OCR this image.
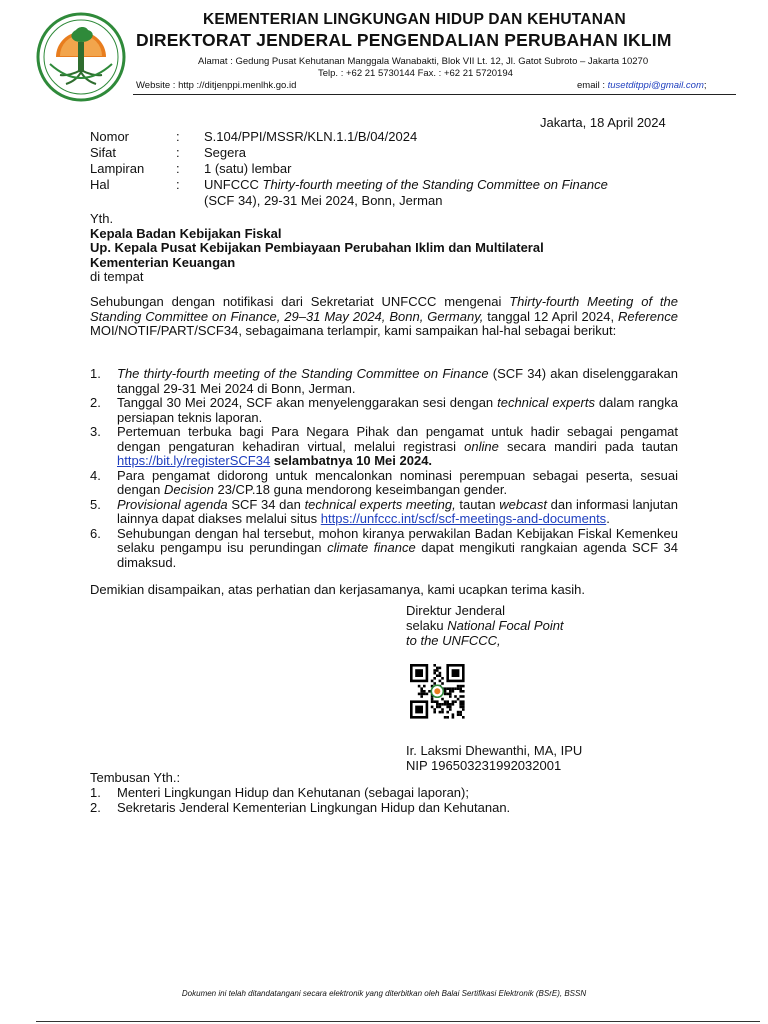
KEMENTERIAN LINGKUNGAN HIDUP DAN KEHUTANAN
DIREKTORAT JENDERAL PENGENDALIAN PERUBAHAN IKLIM
Alamat : Gedung Pusat Kehutanan Manggala Wanabakti, Blok VII Lt. 12, Jl. Gatot Subroto – Jakarta 10270
Telp. : +62 21 5730144 Fax. : +62 21 5720194
Website : http ://ditjenppi.menlhk.go.id	email : tusetditppi@gmail.com;
Jakarta, 18 April 2024
Nomor	:	S.104/PPI/MSSR/KLN.1.1/B/04/2024
Sifat	:	Segera
Lampiran	:	1 (satu) lembar
Hal	:	UNFCCC Thirty-fourth meeting of the Standing Committee on Finance
(SCF 34), 29-31 Mei 2024, Bonn, Jerman
Yth.
Kepala Badan Kebijakan Fiskal
Up. Kepala Pusat Kebijakan Pembiayaan Perubahan Iklim dan Multilateral
Kementerian Keuangan
di tempat
Sehubungan dengan notifikasi dari Sekretariat UNFCCC mengenai Thirty-fourth Meeting of the Standing Committee on Finance, 29–31 May 2024, Bonn, Germany, tanggal 12 April 2024, Reference MOI/NOTIF/PART/SCF34, sebagaimana terlampir, kami sampaikan hal-hal sebagai berikut:
1.	The thirty-fourth meeting of the Standing Committee on Finance (SCF 34) akan diselenggarakan tanggal 29-31 Mei 2024 di Bonn, Jerman.
2.	Tanggal 30 Mei 2024, SCF akan menyelenggarakan sesi dengan technical experts dalam rangka persiapan teknis laporan.
3.	Pertemuan terbuka bagi Para Negara Pihak dan pengamat untuk hadir sebagai pengamat dengan pengaturan kehadiran virtual, melalui registrasi online secara mandiri pada tautan https://bit.ly/registerSCF34 selambatnya 10 Mei 2024.
4.	Para pengamat didorong untuk mencalonkan nominasi perempuan sebagai peserta, sesuai dengan Decision 23/CP.18 guna mendorong keseimbangan gender.
5.	Provisional agenda SCF 34 dan technical experts meeting, tautan webcast dan informasi lanjutan lainnya dapat diakses melalui situs https://unfccc.int/scf/scf-meetings-and-documents.
6.	Sehubungan dengan hal tersebut, mohon kiranya perwakilan Badan Kebijakan Fiskal Kemenkeu selaku pengampu isu perundingan climate finance dapat mengikuti rangkaian agenda SCF 34 dimaksud.
Demikian disampaikan, atas perhatian dan kerjasamanya, kami ucapkan terima kasih.
Direktur Jenderal
selaku National Focal Point
to the UNFCCC,
Ir. Laksmi Dhewanthi, MA, IPU
NIP 196503231992032001
Tembusan Yth.:
1.	Menteri Lingkungan Hidup dan Kehutanan (sebagai laporan);
2.	Sekretaris Jenderal Kementerian Lingkungan Hidup dan Kehutanan.
Dokumen ini telah ditandatangani secara elektronik yang diterbitkan oleh Balai Sertifikasi Elektronik (BSrE), BSSN
